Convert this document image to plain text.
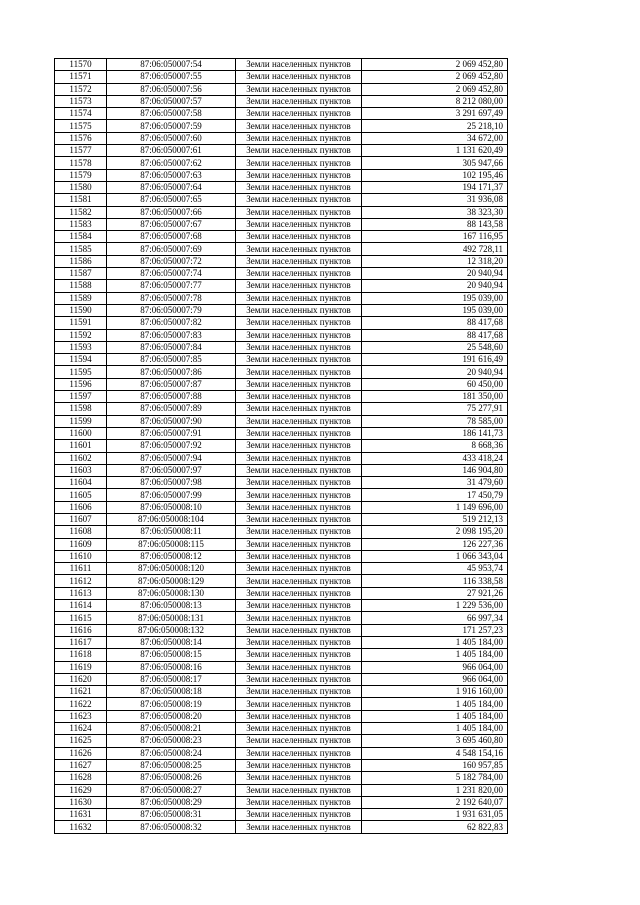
11570	87:06:050007:54	Земли населенных пунктов	2 069 452,80
11571	87:06:050007:55	Земли населенных пунктов	2 069 452,80
11572	87:06:050007:56	Земли населенных пунктов	2 069 452,80
11573	87:06:050007:57	Земли населенных пунктов	8 212 080,00
11574	87:06:050007:58	Земли населенных пунктов	3 291 697,49
11575	87:06:050007:59	Земли населенных пунктов	25 218,10
11576	87:06:050007:60	Земли населенных пунктов	34 672,00
11577	87:06:050007:61	Земли населенных пунктов	1 131 620,49
11578	87:06:050007:62	Земли населенных пунктов	305 947,66
11579	87:06:050007:63	Земли населенных пунктов	102 195,46
11580	87:06:050007:64	Земли населенных пунктов	194 171,37
11581	87:06:050007:65	Земли населенных пунктов	31 936,08
11582	87:06:050007:66	Земли населенных пунктов	38 323,30
11583	87:06:050007:67	Земли населенных пунктов	88 143,58
11584	87:06:050007:68	Земли населенных пунктов	167 116,95
11585	87:06:050007:69	Земли населенных пунктов	492 728,11
11586	87:06:050007:72	Земли населенных пунктов	12 318,20
11587	87:06:050007:74	Земли населенных пунктов	20 940,94
11588	87:06:050007:77	Земли населенных пунктов	20 940,94
11589	87:06:050007:78	Земли населенных пунктов	195 039,00
11590	87:06:050007:79	Земли населенных пунктов	195 039,00
11591	87:06:050007:82	Земли населенных пунктов	88 417,68
11592	87:06:050007:83	Земли населенных пунктов	88 417,68
11593	87:06:050007:84	Земли населенных пунктов	25 548,60
11594	87:06:050007:85	Земли населенных пунктов	191 616,49
11595	87:06:050007:86	Земли населенных пунктов	20 940,94
11596	87:06:050007:87	Земли населенных пунктов	60 450,00
11597	87:06:050007:88	Земли населенных пунктов	181 350,00
11598	87:06:050007:89	Земли населенных пунктов	75 277,91
11599	87:06:050007:90	Земли населенных пунктов	78 585,00
11600	87:06:050007:91	Земли населенных пунктов	186 141,73
11601	87:06:050007:92	Земли населенных пунктов	8 668,36
11602	87:06:050007:94	Земли населенных пунктов	433 418,24
11603	87:06:050007:97	Земли населенных пунктов	146 904,80
11604	87:06:050007:98	Земли населенных пунктов	31 479,60
11605	87:06:050007:99	Земли населенных пунктов	17 450,79
11606	87:06:050008:10	Земли населенных пунктов	1 149 696,00
11607	87:06:050008:104	Земли населенных пунктов	519 212,13
11608	87:06:050008:11	Земли населенных пунктов	2 098 195,20
11609	87:06:050008:115	Земли населенных пунктов	126 227,36
11610	87:06:050008:12	Земли населенных пунктов	1 066 343,04
11611	87:06:050008:120	Земли населенных пунктов	45 953,74
11612	87:06:050008:129	Земли населенных пунктов	116 338,58
11613	87:06:050008:130	Земли населенных пунктов	27 921,26
11614	87:06:050008:13	Земли населенных пунктов	1 229 536,00
11615	87:06:050008:131	Земли населенных пунктов	66 997,34
11616	87:06:050008:132	Земли населенных пунктов	171 257,23
11617	87:06:050008:14	Земли населенных пунктов	1 405 184,00
11618	87:06:050008:15	Земли населенных пунктов	1 405 184,00
11619	87:06:050008:16	Земли населенных пунктов	966 064,00
11620	87:06:050008:17	Земли населенных пунктов	966 064,00
11621	87:06:050008:18	Земли населенных пунктов	1 916 160,00
11622	87:06:050008:19	Земли населенных пунктов	1 405 184,00
11623	87:06:050008:20	Земли населенных пунктов	1 405 184,00
11624	87:06:050008:21	Земли населенных пунктов	1 405 184,00
11625	87:06:050008:23	Земли населенных пунктов	3 695 460,80
11626	87:06:050008:24	Земли населенных пунктов	4 548 154,16
11627	87:06:050008:25	Земли населенных пунктов	160 957,85
11628	87:06:050008:26	Земли населенных пунктов	5 182 784,00
11629	87:06:050008:27	Земли населенных пунктов	1 231 820,00
11630	87:06:050008:29	Земли населенных пунктов	2 192 640,07
11631	87:06:050008:31	Земли населенных пунктов	1 931 631,05
11632	87:06:050008:32	Земли населенных пунктов	62 822,83
